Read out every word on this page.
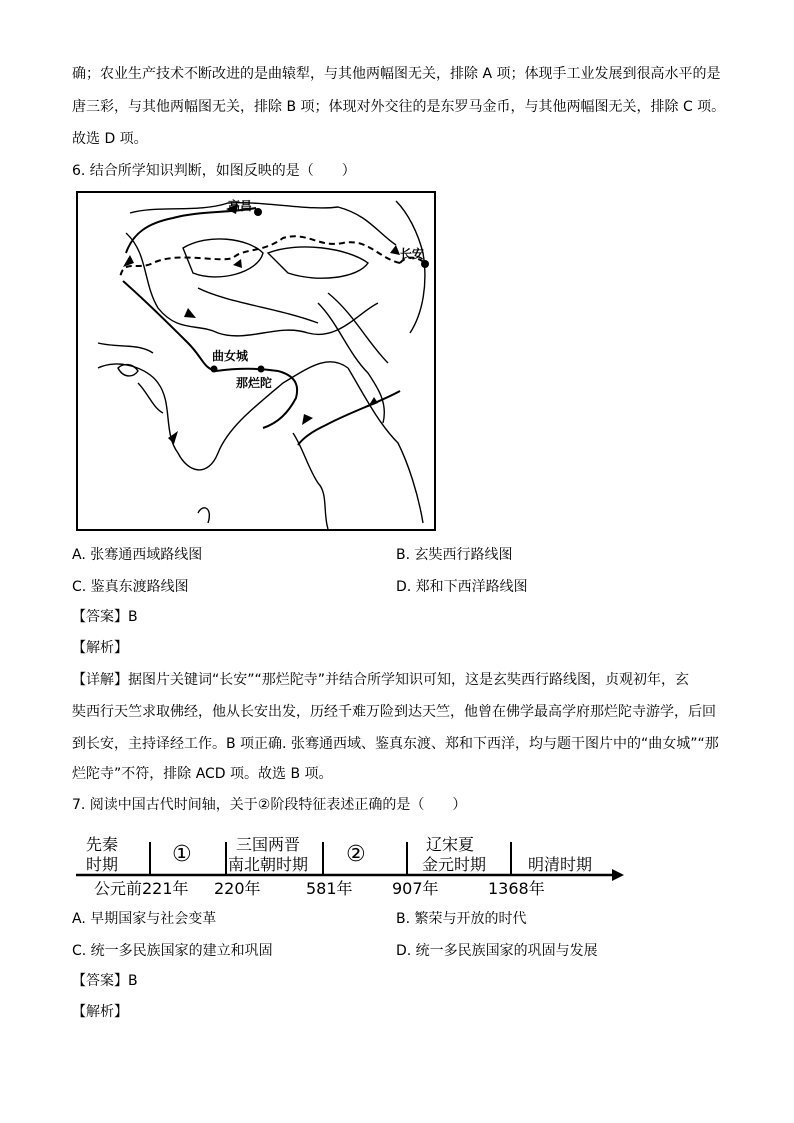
确；农业生产技术不断改进的是曲辕犁，与其他两幅图无关，排除 A 项；体现手工业发展到很高水平的是
唐三彩，与其他两幅图无关，排除 B 项；体现对外交往的是东罗马金币，与其他两幅图无关，排除 C 项。
故选 D 项。
6. 结合所学知识判断，如图反映的是（　　）
高昌
长安
曲女城
那烂陀
A. 张骞通西域路线图	B. 玄奘西行路线图
C. 鉴真东渡路线图	D. 郑和下西洋路线图
【答案】B
【解析】
【详解】据图片关键词“长安”“那烂陀寺”并结合所学知识可知，这是玄奘西行路线图，贞观初年，玄
奘西行天竺求取佛经，他从长安出发，历经千难万险到达天竺，他曾在佛学最高学府那烂陀寺游学，后回
到长安，主持译经工作。B 项正确. 张骞通西域、鉴真东渡、郑和下西洋，均与题干图片中的“曲女城”“那
烂陀寺”不符，排除 ACD 项。故选 B 项。
7. 阅读中国古代时间轴，关于②阶段特征表述正确的是（　　）
先秦
时期 ①	三国两晋
南北朝时期 ②	辽宋夏
金元时期	明清时期
公元前221年 220年	581年 907年	1368年
A. 早期国家与社会变革	B. 繁荣与开放的时代
C. 统一多民族国家的建立和巩固	D. 统一多民族国家的巩固与发展
【答案】B
【解析】
